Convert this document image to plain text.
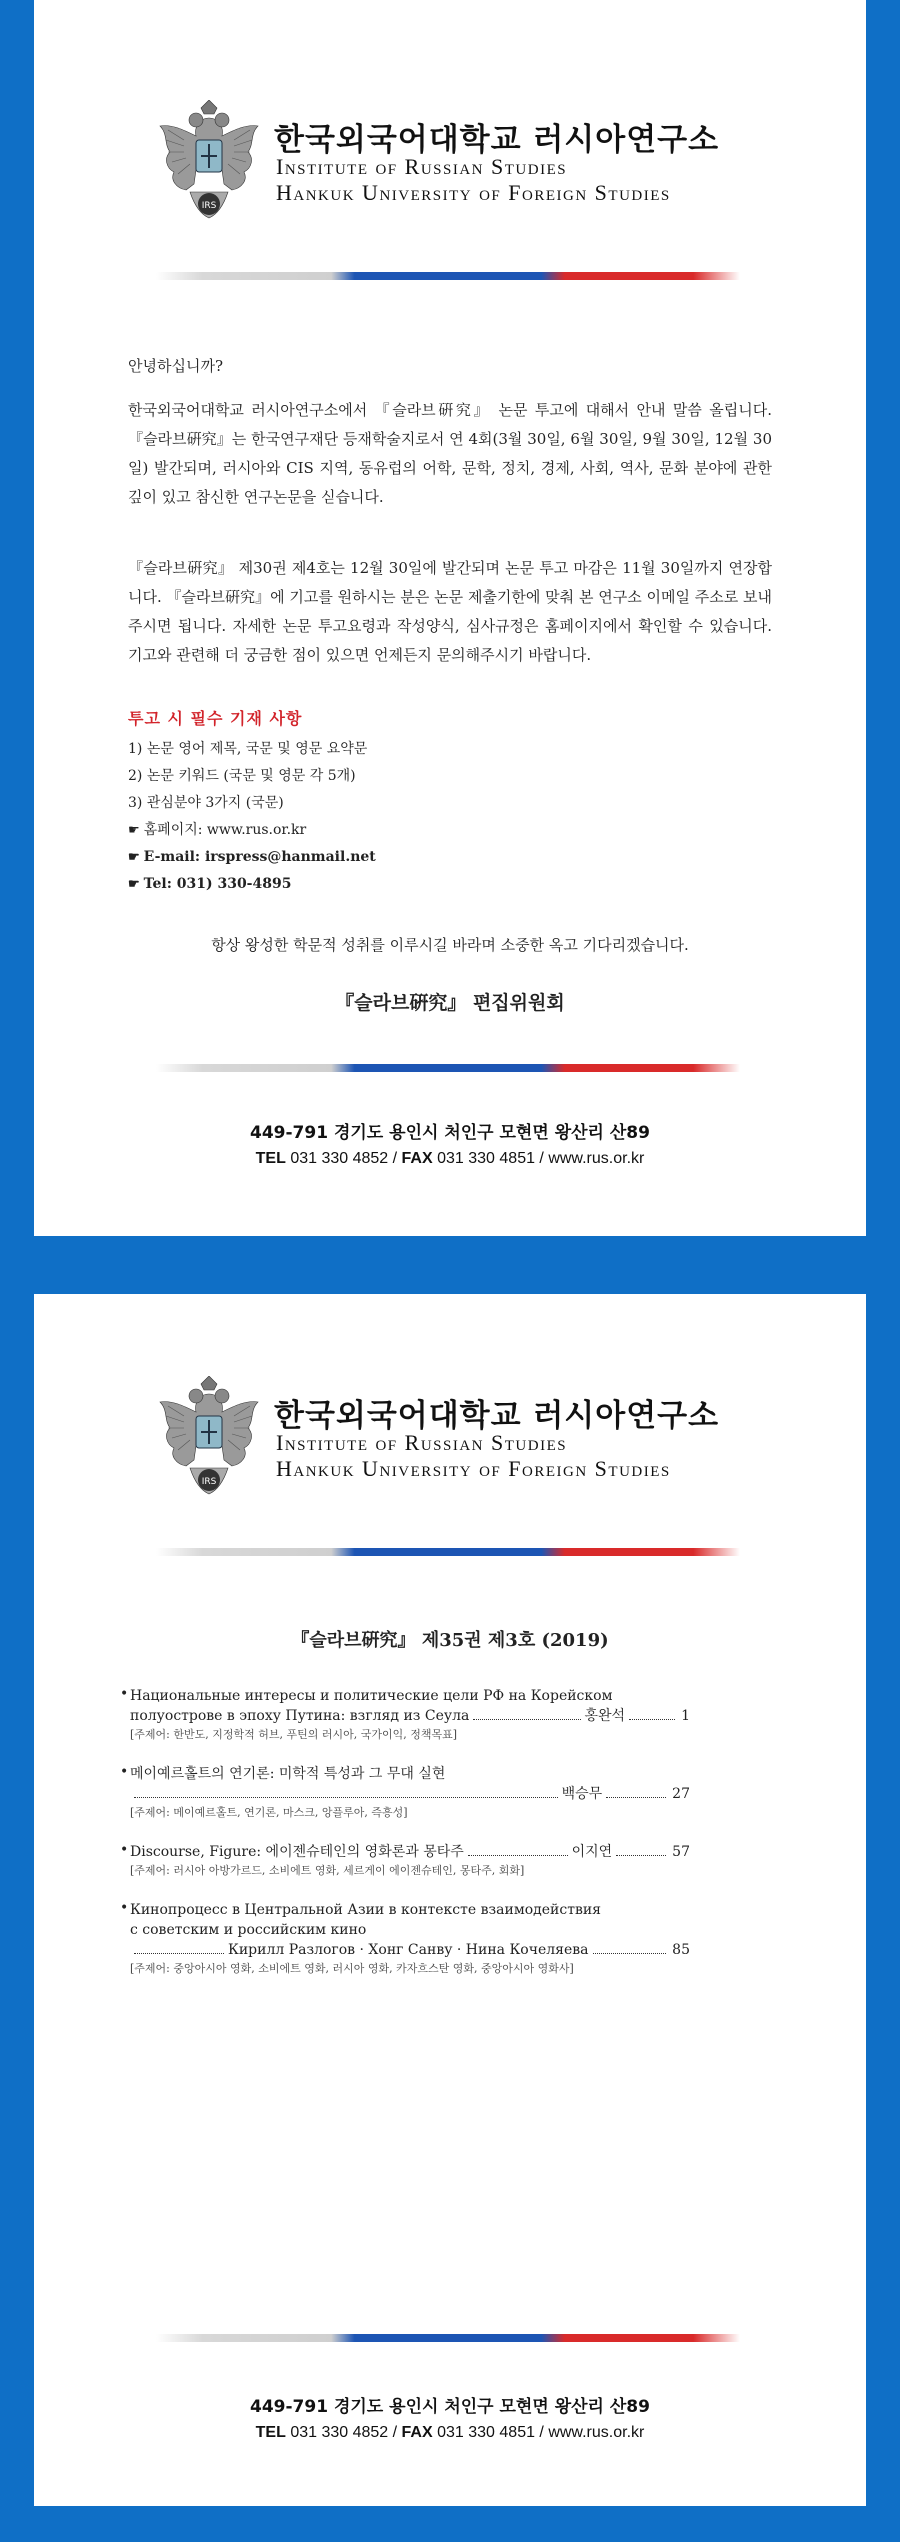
IRS
한국외국어대학교 러시아연구소
Institute of Russian Studies
Hankuk University of Foreign Studies
안녕하십니까?
한국외국어대학교 러시아연구소에서 『슬라브硏究』 논문 투고에 대해서 안내 말씀 올립니다. 『슬라브硏究』는 한국연구재단 등재학술지로서 연 4회(3월 30일, 6월 30일, 9월 30일, 12월 30일) 발간되며, 러시아와 CIS 지역, 동유럽의 어학, 문학, 정치, 경제, 사회, 역사, 문화 분야에 관한 깊이 있고 참신한 연구논문을 싣습니다.
『슬라브硏究』 제30권 제4호는 12월 30일에 발간되며 논문 투고 마감은 11월 30일까지 연장합니다. 『슬라브硏究』에 기고를 원하시는 분은 논문 제출기한에 맞춰 본 연구소 이메일 주소로 보내 주시면 됩니다. 자세한 논문 투고요령과 작성양식, 심사규정은 홈페이지에서 확인할 수 있습니다. 기고와 관련해 더 궁금한 점이 있으면 언제든지 문의해주시기 바랍니다.
투고 시 필수 기재 사항
1) 논문 영어 제목, 국문 및 영문 요약문
2) 논문 키워드 (국문 및 영문 각 5개)
3) 관심분야 3가지 (국문)
☛ 홈페이지: www.rus.or.kr
☛ E-mail: irspress@hanmail.net
☛ Tel: 031) 330-4895
항상 왕성한 학문적 성취를 이루시길 바라며 소중한 옥고 기다리겠습니다.
『슬라브硏究』 편집위원회
449-791 경기도 용인시 처인구 모현면 왕산리 산89
TEL 031 330 4852 / FAX 031 330 4851 / www.rus.or.kr
IRS
한국외국어대학교 러시아연구소
Institute of Russian Studies
Hankuk University of Foreign Studies
『슬라브硏究』 제35권 제3호 (2019)
• Национальные интересы и политические цели РФ на Корейском
полуострове в эпоху Путина: взгляд из Сеула	홍완석	1
[주제어: 한반도, 지정학적 허브, 푸틴의 러시아, 국가이익, 정책목표]
• 메이예르홀트의 연기론: 미학적 특성과 그 무대 실현
백승무	27
[주제어: 메이예르홀트, 연기론, 마스크, 앙플루아, 즉흥성]
• Discourse, Figure: 에이젠슈테인의 영화론과 몽타주	이지연	57
[주제어: 러시아 아방가르드, 소비에트 영화, 세르게이 에이젠슈테인, 몽타주, 회화]
• Кинопроцесс в Центральной Азии в контексте взаимодействия
с советским и российским кино
Кирилл Разлогов · Хонг Санву · Нина Кочеляева	85
[주제어: 중앙아시아 영화, 소비에트 영화, 러시아 영화, 카자흐스탄 영화, 중앙아시아 영화사]
449-791 경기도 용인시 처인구 모현면 왕산리 산89
TEL 031 330 4852 / FAX 031 330 4851 / www.rus.or.kr
